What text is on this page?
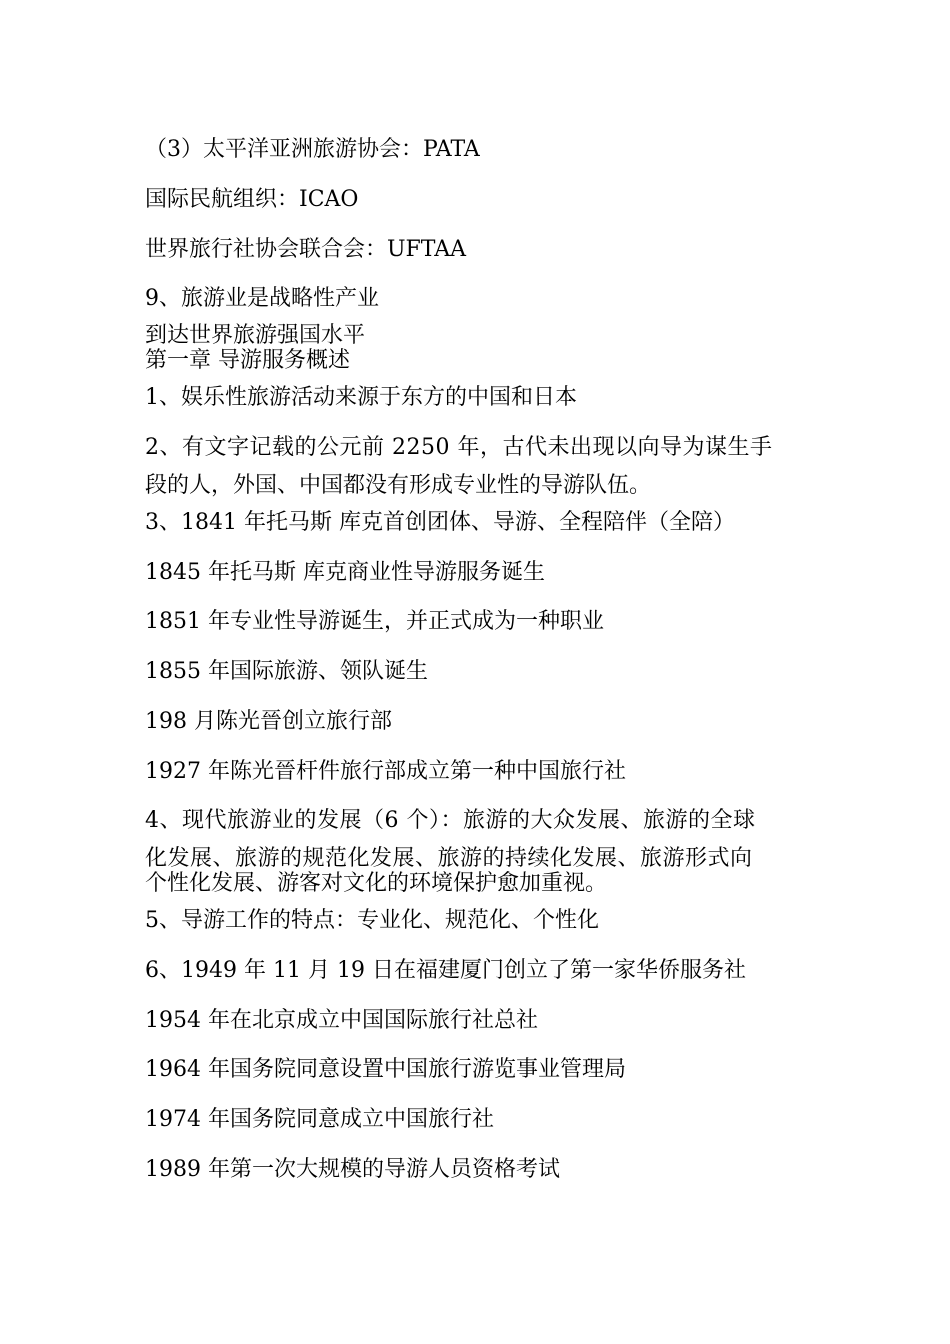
（3）太平洋亚洲旅游协会：PATA
国际民航组织：ICAO
世界旅行社协会联合会：UFTAA
9、旅游业是战略性产业
到达世界旅游强国水平
第一章 导游服务概述
1、娱乐性旅游活动来源于东方的中国和日本
2、有文字记载的公元前 2250 年，古代未出现以向导为谋生手
段的人，外国、中国都没有形成专业性的导游队伍。
3、1841 年托马斯 库克首创团体、导游、全程陪伴（全陪）
1845 年托马斯 库克商业性导游服务诞生
1851 年专业性导游诞生，并正式成为一种职业
1855 年国际旅游、领队诞生
198 月陈光晉创立旅行部
1927 年陈光晉杆件旅行部成立第一种中国旅行社
4、现代旅游业的发展（6 个）：旅游的大众发展、旅游的全球
化发展、旅游的规范化发展、旅游的持续化发展、旅游形式向
个性化发展、游客对文化的环境保护愈加重视。
5、导游工作的特点：专业化、规范化、个性化
6、1949 年 11 月 19 日在福建厦门创立了第一家华侨服务社
1954 年在北京成立中国国际旅行社总社
1964 年国务院同意设置中国旅行游览事业管理局
1974 年国务院同意成立中国旅行社
1989 年第一次大规模的导游人员资格考试
